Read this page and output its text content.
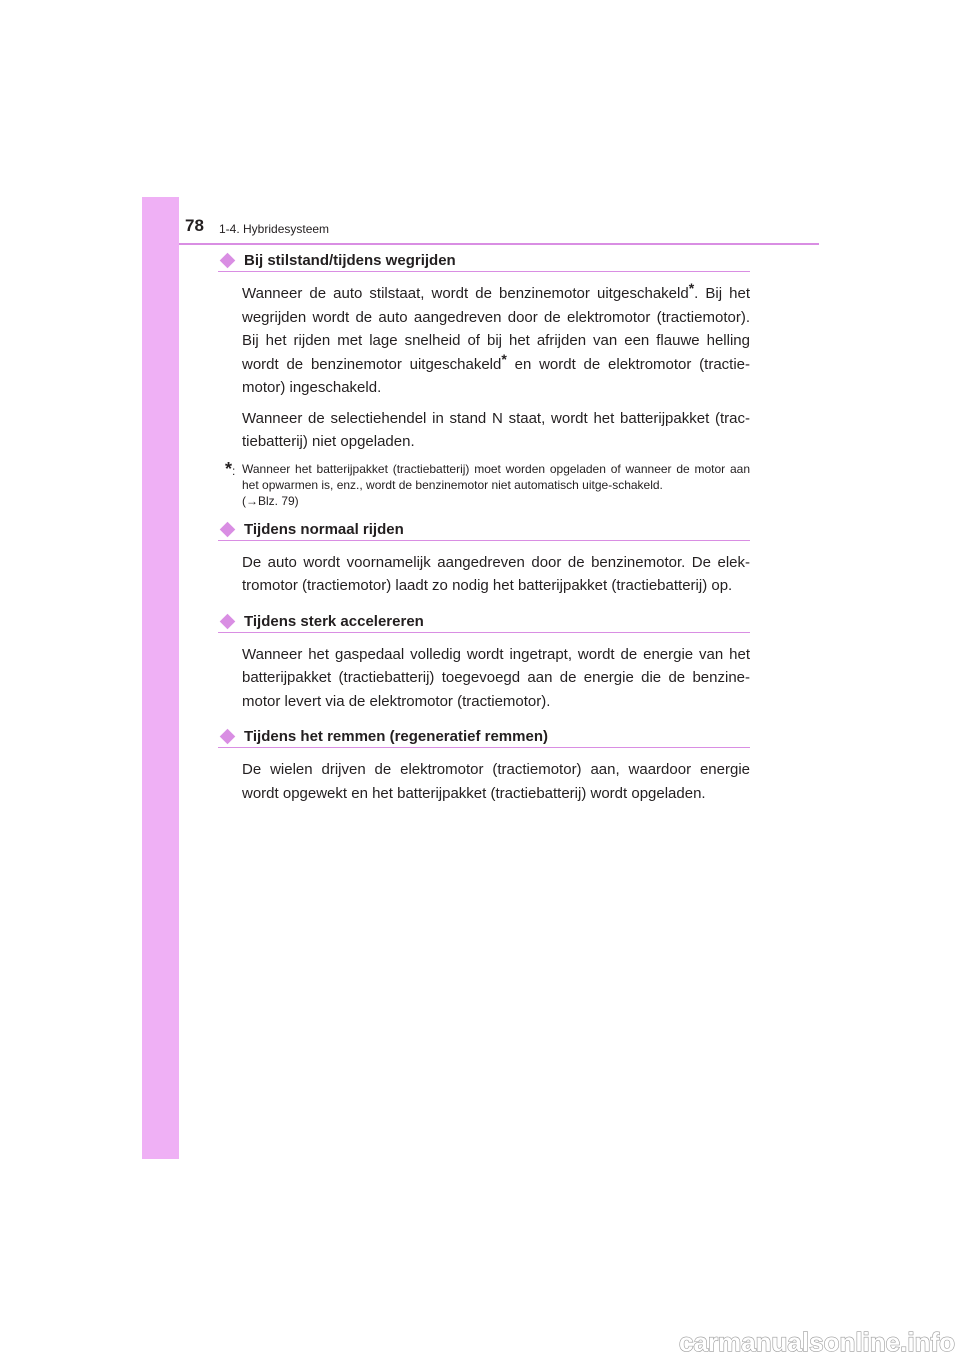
78 1-4. Hybridesysteem
Bij stilstand/tijdens wegrijden

Wanneer de auto stilstaat, wordt de benzinemotor uitgeschakeld*. Bij het wegrijden wordt de auto aangedreven door de elektromotor (tractiemotor). Bij het rijden met lage snelheid of bij het afrijden van een flauwe helling wordt de benzinemotor uitgeschakeld* en wordt de elektromotor (tractie-motor) ingeschakeld.

Wanneer de selectiehendel in stand N staat, wordt het batterijpakket (trac-tiebatterij) niet opgeladen.

*: Wanneer het batterijpakket (tractiebatterij) moet worden opgeladen of wanneer de motor aan het opwarmen is, enz., wordt de benzinemotor niet automatisch uitge-schakeld.
(→Blz. 79)
Tijdens normaal rijden

De auto wordt voornamelijk aangedreven door de benzinemotor. De elek-tromotor (tractiemotor) laadt zo nodig het batterijpakket (tractiebatterij) op.

Tijdens sterk accelereren

Wanneer het gaspedaal volledig wordt ingetrapt, wordt de energie van het batterijpakket (tractiebatterij) toegevoegd aan de energie die de benzine-motor levert via de elektromotor (tractiemotor).

Tijdens het remmen (regeneratief remmen)

De wielen drijven de elektromotor (tractiemotor) aan, waardoor energie wordt opgewekt en het batterijpakket (tractiebatterij) wordt opgeladen.

carmanualsonline.info
